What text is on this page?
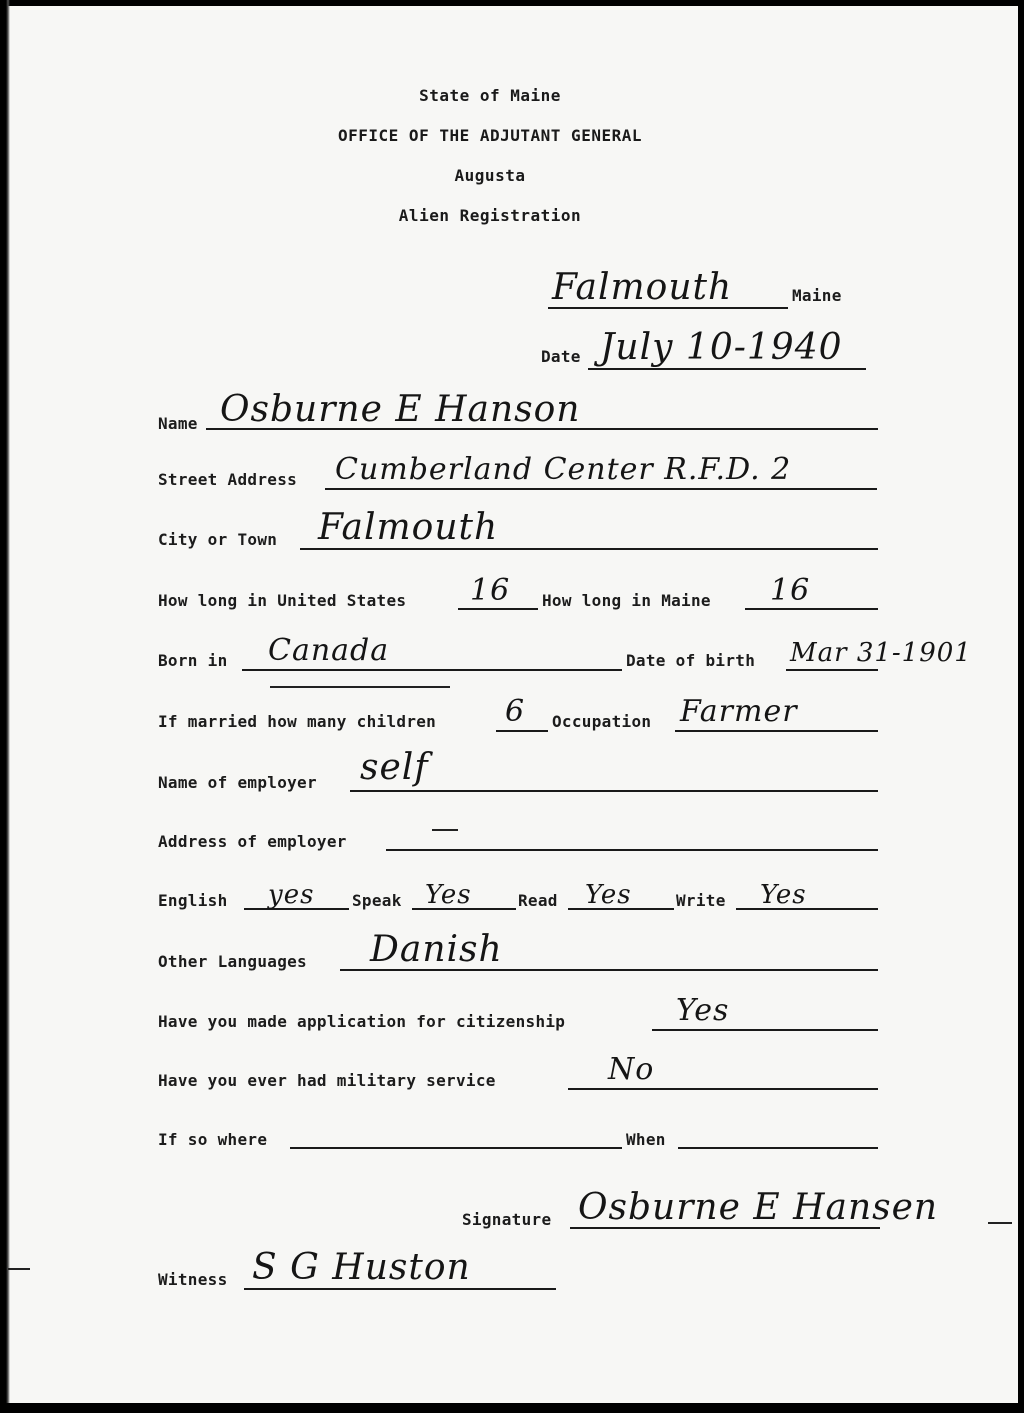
State of Maine
OFFICE OF THE ADJUTANT GENERAL
Augusta
Alien Registration
Falmouth	Maine
Date July 10-1940
Name Osburne E Hanson
Street Address Cumberland Center R.F.D. 2
City or Town Falmouth
How long in United States 16 How long in Maine 16
Born in Canada	Date of birth Mar 31-1901
If married how many children 6 Occupation Farmer
Name of employer self
Address of employer
English yes Speak Yes	Read Yes	Write Yes
Other Languages Danish
Have you made application for citizenship	Yes
Have you ever had military service	No
If so where	When
Signature Osburne E Hansen
Witness S G Huston
